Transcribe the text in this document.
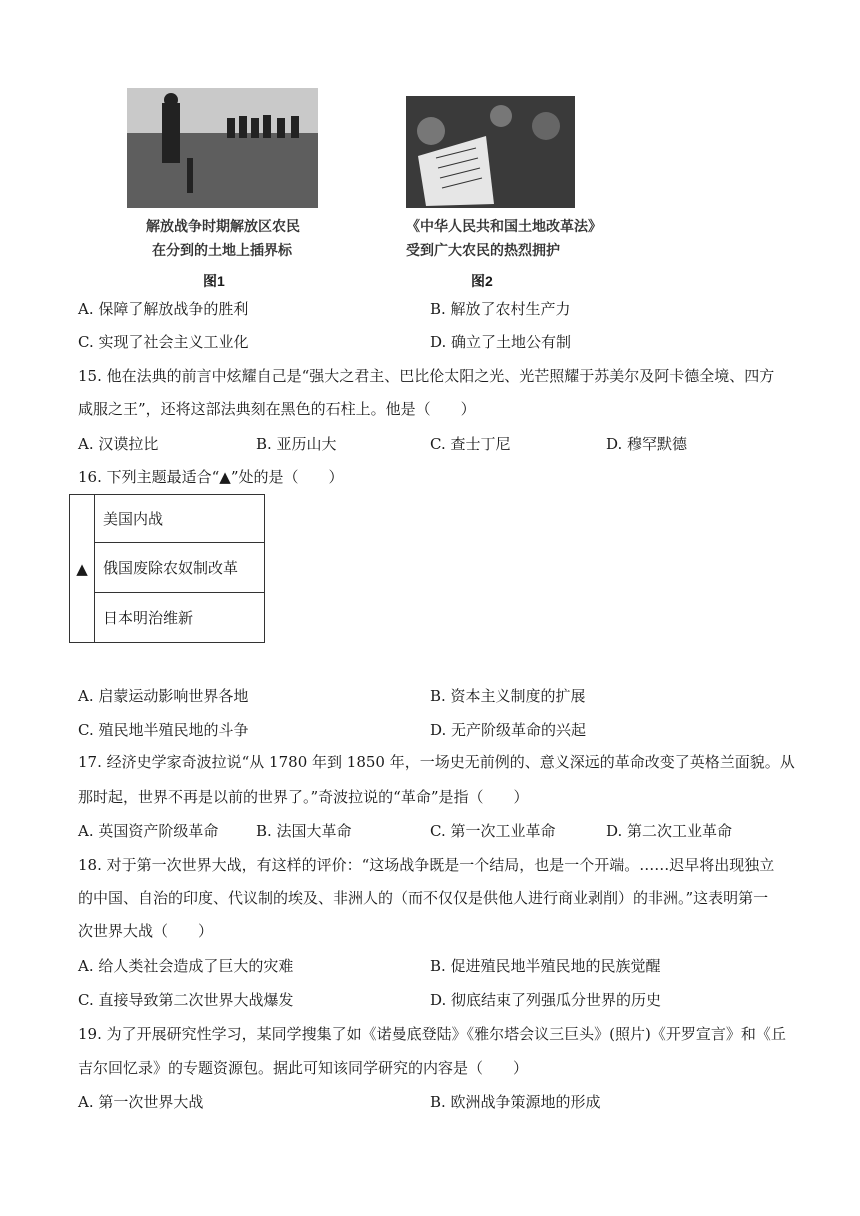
解放战争时期解放区农民
在分到的土地上插界标
图1
《中华人民共和国土地改革法》
受到广大农民的热烈拥护
图2
A. 保障了解放战争的胜利	B. 解放了农村生产力
C. 实现了社会主义工业化	D. 确立了土地公有制
15. 他在法典的前言中炫耀自己是“强大之君主、巴比伦太阳之光、光芒照耀于苏美尔及阿卡德全境、四方
咸服之王”，还将这部法典刻在黑色的石柱上。他是（　　）
A. 汉谟拉比	B. 亚历山大	C. 查士丁尼	D. 穆罕默德
16. 下列主题最适合“▲”处的是（　　）
▲	美国内战
俄国废除农奴制改革
日本明治维新
A. 启蒙运动影响世界各地	B. 资本主义制度的扩展
C. 殖民地半殖民地的斗争	D. 无产阶级革命的兴起
17. 经济史学家奇波拉说“从 1780 年到 1850 年，一场史无前例的、意义深远的革命改变了英格兰面貌。从
那时起，世界不再是以前的世界了。”奇波拉说的“革命”是指（　　）
A. 英国资产阶级革命	B. 法国大革命	C. 第一次工业革命	D. 第二次工业革命
18. 对于第一次世界大战，有这样的评价：“这场战争既是一个结局，也是一个开端。……迟早将出现独立
的中国、自治的印度、代议制的埃及、非洲人的（而不仅仅是供他人进行商业剥削）的非洲。”这表明第一
次世界大战（　　）
A. 给人类社会造成了巨大的灾难	B. 促进殖民地半殖民地的民族觉醒
C. 直接导致第二次世界大战爆发	D. 彻底结束了列强瓜分世界的历史
19. 为了开展研究性学习，某同学搜集了如《诺曼底登陆》《雅尔塔会议三巨头》(照片)《开罗宣言》和《丘
吉尔回忆录》的专题资源包。据此可知该同学研究的内容是（　　）
A. 第一次世界大战	B. 欧洲战争策源地的形成
